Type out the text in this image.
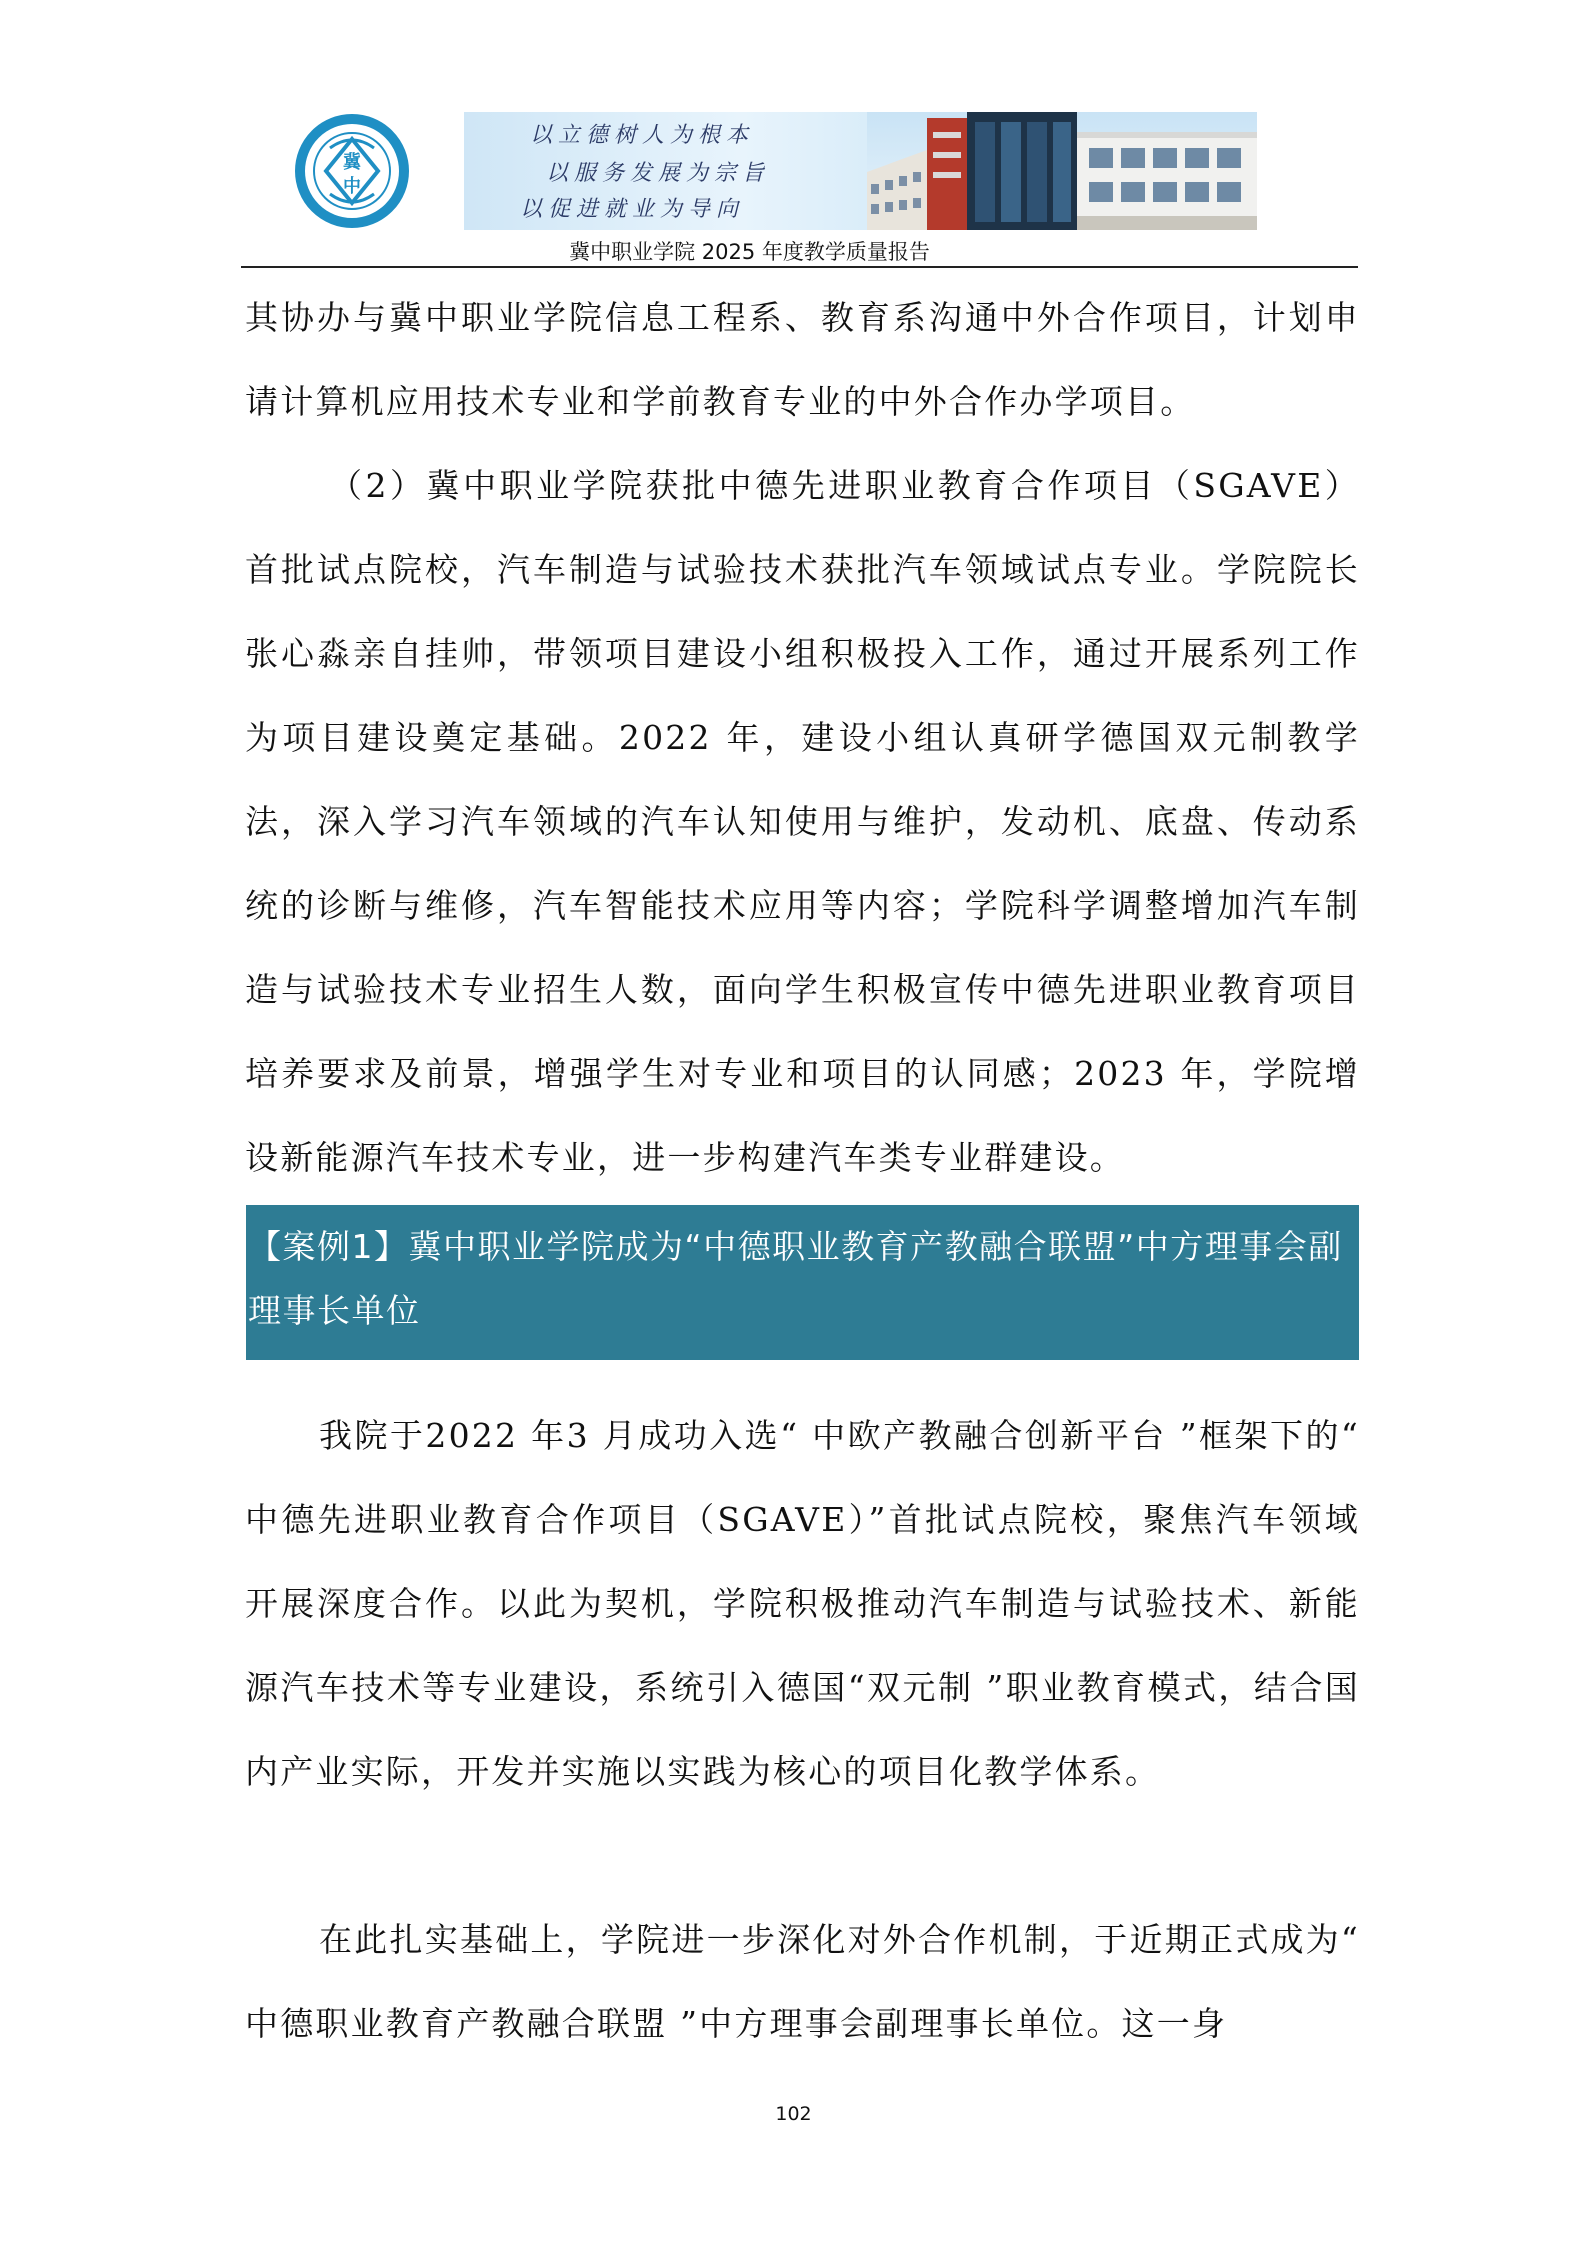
冀
中
以立德树人为根本
以服务发展为宗旨
以促进就业为导向
冀中职业学院 2025 年度教学质量报告

其协办与冀中职业学院信息工程系、教育系沟通中外合作项目，计划申请计算机应用技术专业和学前教育专业的中外合作办学项目。

（2）冀中职业学院获批中德先进职业教育合作项目（SGAVE）首批试点院校，汽车制造与试验技术获批汽车领域试点专业。学院院长张心淼亲自挂帅，带领项目建设小组积极投入工作，通过开展系列工作为项目建设奠定基础。2022 年，建设小组认真研学德国双元制教学法，深入学习汽车领域的汽车认知使用与维护，发动机、底盘、传动系统的诊断与维修，汽车智能技术应用等内容；学院科学调整增加汽车制造与试验技术专业招生人数，面向学生积极宣传中德先进职业教育项目培养要求及前景，增强学生对专业和项目的认同感；2023 年，学院增设新能源汽车技术专业，进一步构建汽车类专业群建设。

【案例1】冀中职业学院成为“中德职业教育产教融合联盟”中方理事会副理事长单位

我院于2022 年3 月成功入选“ 中欧产教融合创新平台 ”框架下的“ 中德先进职业教育合作项目（SGAVE）”首批试点院校，聚焦汽车领域开展深度合作。以此为契机，学院积极推动汽车制造与试验技术、新能源汽车技术等专业建设，系统引入德国“双元制 ”职业教育模式，结合国内产业实际，开发并实施以实践为核心的项目化教学体系。

在此扎实基础上，学院进一步深化对外合作机制，于近期正式成为“ 中德职业教育产教融合联盟 ”中方理事会副理事长单位。这一身

102
